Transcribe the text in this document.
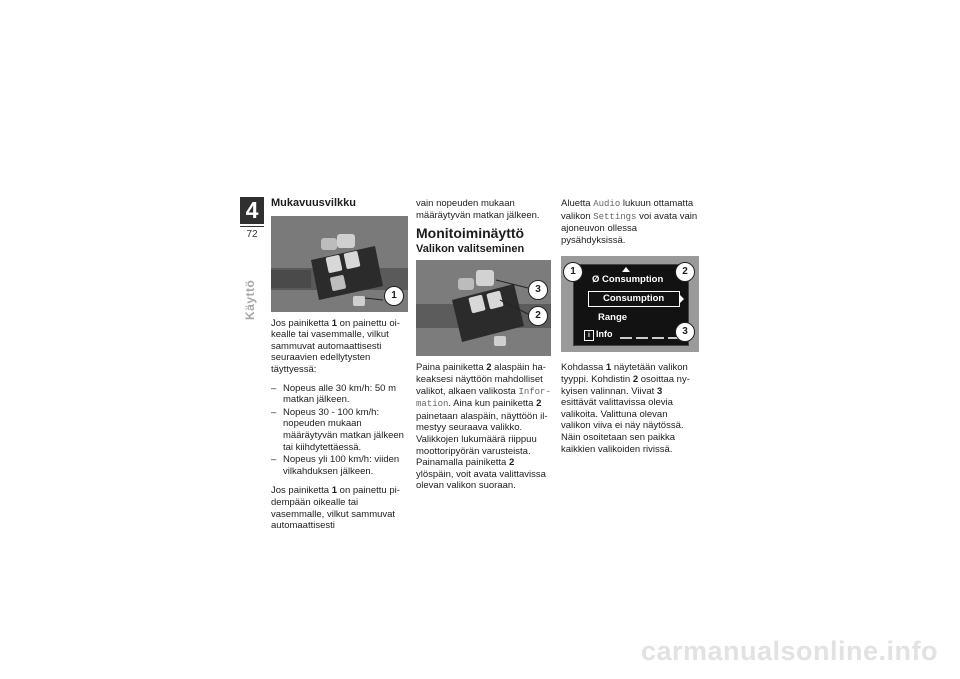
4
72
Käyttö
Mukavuusvilkku
1

Jos painiketta 1 on painettu oikealle tai vasemmalle, vilkut sammuvat automaattisesti seuraavien edellytysten täyttyessä:

– Nopeus alle 30 km/h: 50 m matkan jälkeen.
– Nopeus 30 - 100 km/h: nopeuden mukaan määräytyvän matkan jälkeen tai kiihdytettäessä.
– Nopeus yli 100 km/h: viiden vilkahduksen jälkeen.

Jos painiketta 1 on painettu pidempään oikealle tai vasemmalle, vilkut sammuvat automaattisesti

vain nopeuden mukaan määräytyvän matkan jälkeen.

Monitoiminäyttö
Valikon valitseminen
3
2

Paina painiketta 2 alaspäin hakeaksesi näyttöön mahdolliset valikot, alkaen valikosta Information. Aina kun painiketta 2 painetaan alaspäin, näyttöön ilmestyy seuraava valikko. Valikkojen lukumäärä riippuu moottoripyörän varusteista.

Painamalla painiketta 2 ylöspäin, voit avata valittavissa olevan valikon suoraan.

Aluetta Audio lukuun ottamatta valikon Settings voi avata vain ajoneuvon ollessa pysähdyksissä.

Ø Consumption
Consumption
Range
i Info
1	2
3

Kohdassa 1 näytetään valikon tyyppi. Kohdistin 2 osoittaa nykyisen valinnan. Viivat 3 esittävät valittavissa olevia valikoita. Valittuna olevan valikon viiva ei näy näytössä. Näin osoitetaan sen paikka kaikkien valikoiden rivissä.

carmanualsonline.info
